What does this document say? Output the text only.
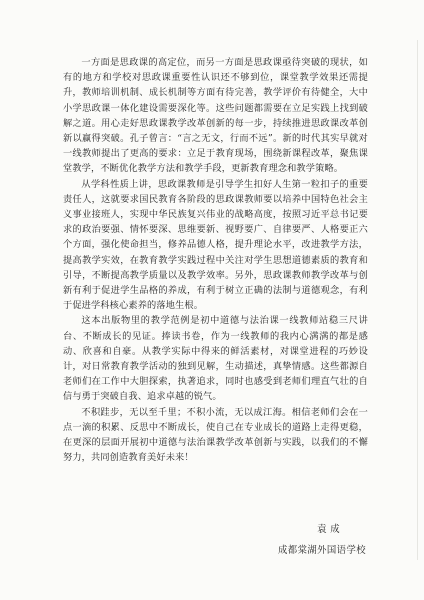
一方面是思政课的高定位，而另一方面是思政课亟待突破的现状，如有的地方和学校对思政课重要性认识还不够到位，课堂教学效果还需提升，教师培训机制、成长机制等方面有待完善，教学评价有待健全，大中小学思政课一体化建设需要深化等。这些问题都需要在立足实践上找到破解之道。用心走好思政课教学改革创新的每一步，持续推进思政课改革创新以赢得突破。孔子曾言：“言之无文，行而不远”。新的时代其实早就对一线教师提出了更高的要求：立足于教育现场，围绕新课程改革，聚焦课堂教学，不断优化教学方法和教学手段，更新教育理念和教学策略。

从学科性质上讲，思政课教师是引导学生扣好人生第一粒扣子的重要责任人，这就要求国民教育各阶段的思政课教师要以培养中国特色社会主义事业接班人，实现中华民族复兴伟业的战略高度，按照习近平总书记要求的政治要强、情怀要深、思维要新、视野要广、自律要严、人格要正六个方面，强化使命担当，修养品德人格，提升理论水平，改进教学方法，提高教学实效，在教育教学实践过程中关注对学生思想道德素质的教育和引导，不断提高教学质量以及教学效率。另外，思政课教师教学改革与创新有利于促进学生品格的养成，有利于树立正确的法制与道德观念，有利于促进学科核心素养的落地生根。

这本出版物里的教学范例是初中道德与法治课一线教师站稳三尺讲台、不断成长的见证。捧读书卷，作为一线教师的我内心满满的都是感动、欣喜和自豪。从教学实际中得来的鲜活素材，对课堂进程的巧妙设计，对日常教育教学活动的独到见解，生动描述，真挚情感。这些都源自老师们在工作中大胆探索，执著追求，同时也感受到老师们理直气壮的自信与勇于突破自我、追求卓越的锐气。

不积跬步，无以至千里；不积小流，无以成江海。相信老师们会在一点一滴的积累、反思中不断成长，使自己在专业成长的道路上走得更稳，在更深的层面开展初中道德与法治课教学改革创新与实践，以我们的不懈努力，共同创造教育美好未来！

袁 成
成都棠湖外国语学校
